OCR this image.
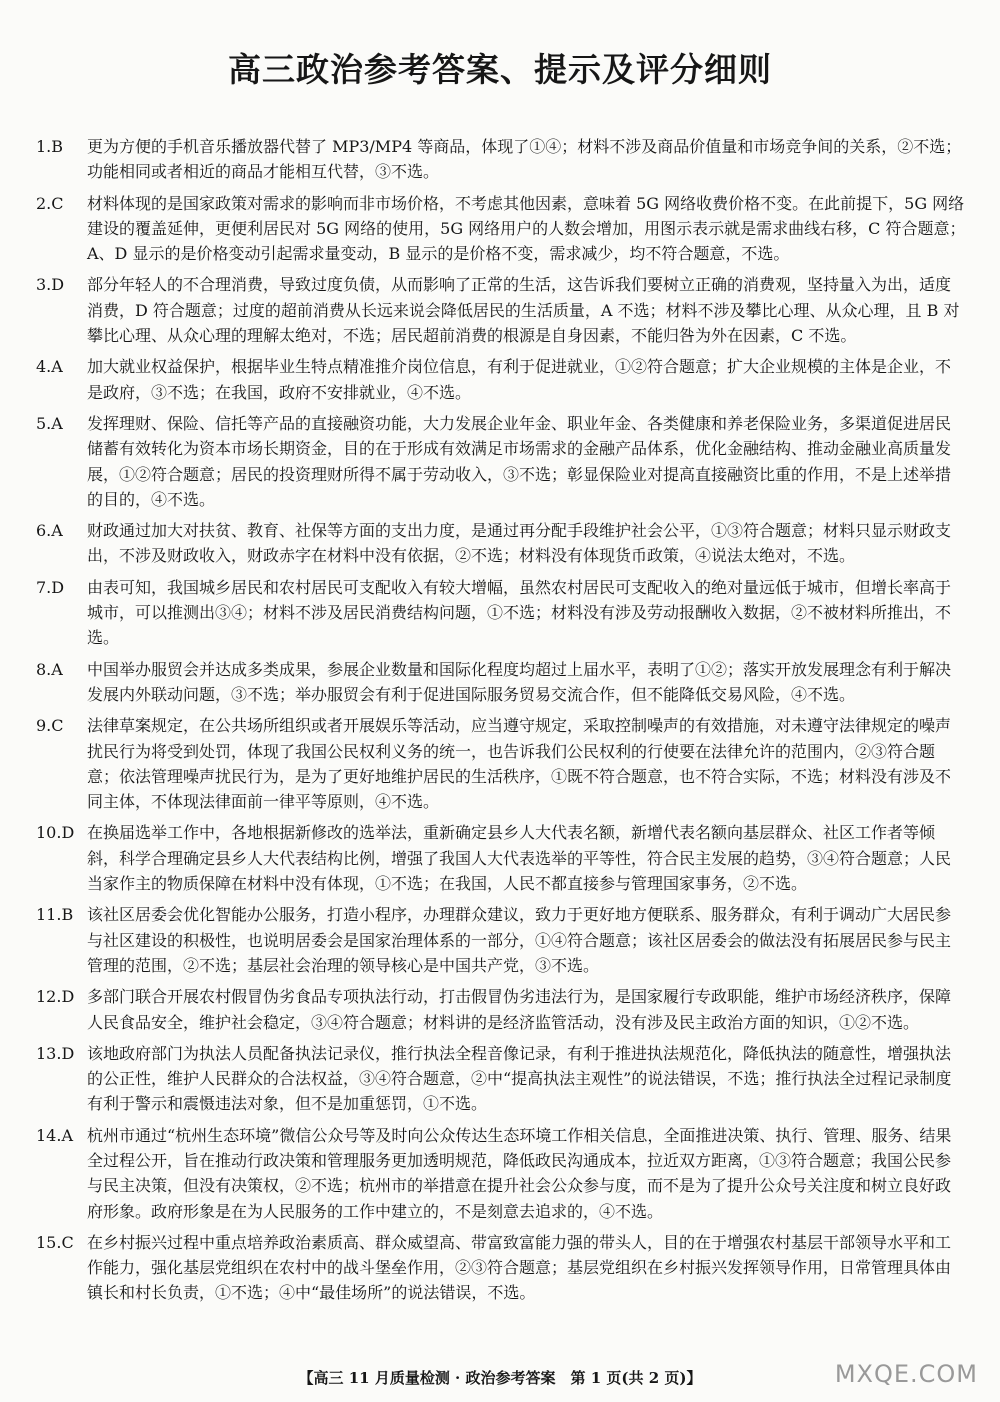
高三政治参考答案、提示及评分细则
1.B 更为方便的手机音乐播放器代替了 MP3/MP4 等商品，体现了①④；材料不涉及商品价值量和市场竞争间的关系，②不选；功能相同或者相近的商品才能相互代替，③不选。
2.C 材料体现的是国家政策对需求的影响而非市场价格，不考虑其他因素，意味着 5G 网络收费价格不变。在此前提下，5G 网络建设的覆盖延伸，更便利居民对 5G 网络的使用，5G 网络用户的人数会增加，用图示表示就是需求曲线右移，C 符合题意；A、D 显示的是价格变动引起需求量变动，B 显示的是价格不变，需求减少，均不符合题意，不选。
3.D 部分年轻人的不合理消费，导致过度负债，从而影响了正常的生活，这告诉我们要树立正确的消费观，坚持量入为出，适度消费，D 符合题意；过度的超前消费从长远来说会降低居民的生活质量，A 不选；材料不涉及攀比心理、从众心理，且 B 对攀比心理、从众心理的理解太绝对，不选；居民超前消费的根源是自身因素，不能归咎为外在因素，C 不选。
4.A 加大就业权益保护，根据毕业生特点精准推介岗位信息，有利于促进就业，①②符合题意；扩大企业规模的主体是企业，不是政府，③不选；在我国，政府不安排就业，④不选。
5.A 发挥理财、保险、信托等产品的直接融资功能，大力发展企业年金、职业年金、各类健康和养老保险业务，多渠道促进居民储蓄有效转化为资本市场长期资金，目的在于形成有效满足市场需求的金融产品体系，优化金融结构、推动金融业高质量发展，①②符合题意；居民的投资理财所得不属于劳动收入，③不选；彰显保险业对提高直接融资比重的作用，不是上述举措的目的，④不选。
6.A 财政通过加大对扶贫、教育、社保等方面的支出力度，是通过再分配手段维护社会公平，①③符合题意；材料只显示财政支出，不涉及财政收入，财政赤字在材料中没有依据，②不选；材料没有体现货币政策，④说法太绝对，不选。
7.D 由表可知，我国城乡居民和农村居民可支配收入有较大增幅，虽然农村居民可支配收入的绝对量远低于城市，但增长率高于城市，可以推测出③④；材料不涉及居民消费结构问题，①不选；材料没有涉及劳动报酬收入数据，②不被材料所推出，不选。
8.A 中国举办服贸会并达成多类成果，参展企业数量和国际化程度均超过上届水平，表明了①②；落实开放发展理念有利于解决发展内外联动问题，③不选；举办服贸会有利于促进国际服务贸易交流合作，但不能降低交易风险，④不选。
9.C 法律草案规定，在公共场所组织或者开展娱乐等活动，应当遵守规定，采取控制噪声的有效措施，对未遵守法律规定的噪声扰民行为将受到处罚，体现了我国公民权利义务的统一，也告诉我们公民权利的行使要在法律允许的范围内，②③符合题意；依法管理噪声扰民行为，是为了更好地维护居民的生活秩序，①既不符合题意，也不符合实际，不选；材料没有涉及不同主体，不体现法律面前一律平等原则，④不选。
10.D 在换届选举工作中，各地根据新修改的选举法，重新确定县乡人大代表名额，新增代表名额向基层群众、社区工作者等倾斜，科学合理确定县乡人大代表结构比例，增强了我国人大代表选举的平等性，符合民主发展的趋势，③④符合题意；人民当家作主的物质保障在材料中没有体现，①不选；在我国，人民不都直接参与管理国家事务，②不选。
11.B 该社区居委会优化智能办公服务，打造小程序，办理群众建议，致力于更好地方便联系、服务群众，有利于调动广大居民参与社区建设的积极性，也说明居委会是国家治理体系的一部分，①④符合题意；该社区居委会的做法没有拓展居民参与民主管理的范围，②不选；基层社会治理的领导核心是中国共产党，③不选。
12.D 多部门联合开展农村假冒伪劣食品专项执法行动，打击假冒伪劣违法行为，是国家履行专政职能，维护市场经济秩序，保障人民食品安全，维护社会稳定，③④符合题意；材料讲的是经济监管活动，没有涉及民主政治方面的知识，①②不选。
13.D 该地政府部门为执法人员配备执法记录仪，推行执法全程音像记录，有利于推进执法规范化，降低执法的随意性，增强执法的公正性，维护人民群众的合法权益，③④符合题意，②中“提高执法主观性”的说法错误，不选；推行执法全过程记录制度有利于警示和震慑违法对象，但不是加重惩罚，①不选。
14.A 杭州市通过“杭州生态环境”微信公众号等及时向公众传达生态环境工作相关信息，全面推进决策、执行、管理、服务、结果全过程公开，旨在推动行政决策和管理服务更加透明规范，降低政民沟通成本，拉近双方距离，①③符合题意；我国公民参与民主决策，但没有决策权，②不选；杭州市的举措意在提升社会公众参与度，而不是为了提升公众号关注度和树立良好政府形象。政府形象是在为人民服务的工作中建立的，不是刻意去追求的，④不选。
15.C 在乡村振兴过程中重点培养政治素质高、群众威望高、带富致富能力强的带头人，目的在于增强农村基层干部领导水平和工作能力，强化基层党组织在农村中的战斗堡垒作用，②③符合题意；基层党组织在乡村振兴发挥领导作用，日常管理具体由镇长和村长负责，①不选；④中“最佳场所”的说法错误，不选。
【高三 11 月质量检测 · 政治参考答案　第 1 页(共 2 页)】	MXQE.COM
